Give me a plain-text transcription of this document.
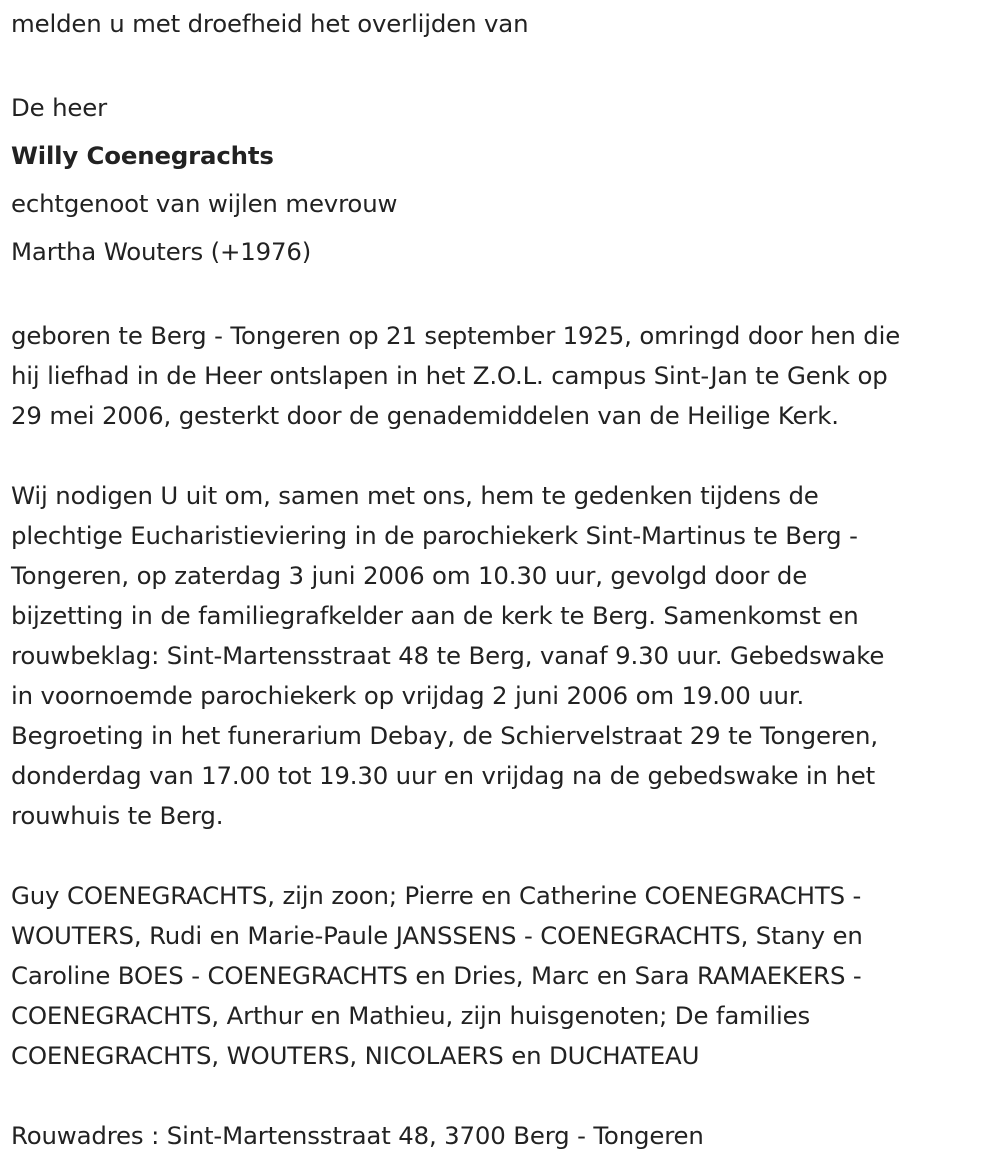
melden u met droefheid het overlijden van
De heer
Willy Coenegrachts
echtgenoot van wijlen mevrouw
Martha Wouters (+1976)
geboren te Berg - Tongeren op 21 september 1925, omringd door hen die
hij liefhad in de Heer ontslapen in het Z.O.L. campus Sint-Jan te Genk op
29 mei 2006, gesterkt door de genademiddelen van de Heilige Kerk.
Wij nodigen U uit om, samen met ons, hem te gedenken tijdens de
plechtige Eucharistieviering in de parochiekerk Sint-Martinus te Berg -
Tongeren, op zaterdag 3 juni 2006 om 10.30 uur, gevolgd door de
bijzetting in de familiegrafkelder aan de kerk te Berg. Samenkomst en
rouwbeklag: Sint-Martensstraat 48 te Berg, vanaf 9.30 uur. Gebedswake
in voornoemde parochiekerk op vrijdag 2 juni 2006 om 19.00 uur.
Begroeting in het funerarium Debay, de Schiervelstraat 29 te Tongeren,
donderdag van 17.00 tot 19.30 uur en vrijdag na de gebedswake in het
rouwhuis te Berg.
Guy COENEGRACHTS, zijn zoon; Pierre en Catherine COENEGRACHTS -
WOUTERS, Rudi en Marie-Paule JANSSENS - COENEGRACHTS, Stany en
Caroline BOES - COENEGRACHTS en Dries, Marc en Sara RAMAEKERS -
COENEGRACHTS, Arthur en Mathieu, zijn huisgenoten; De families
COENEGRACHTS, WOUTERS, NICOLAERS en DUCHATEAU
Rouwadres : Sint-Martensstraat 48, 3700 Berg - Tongeren
